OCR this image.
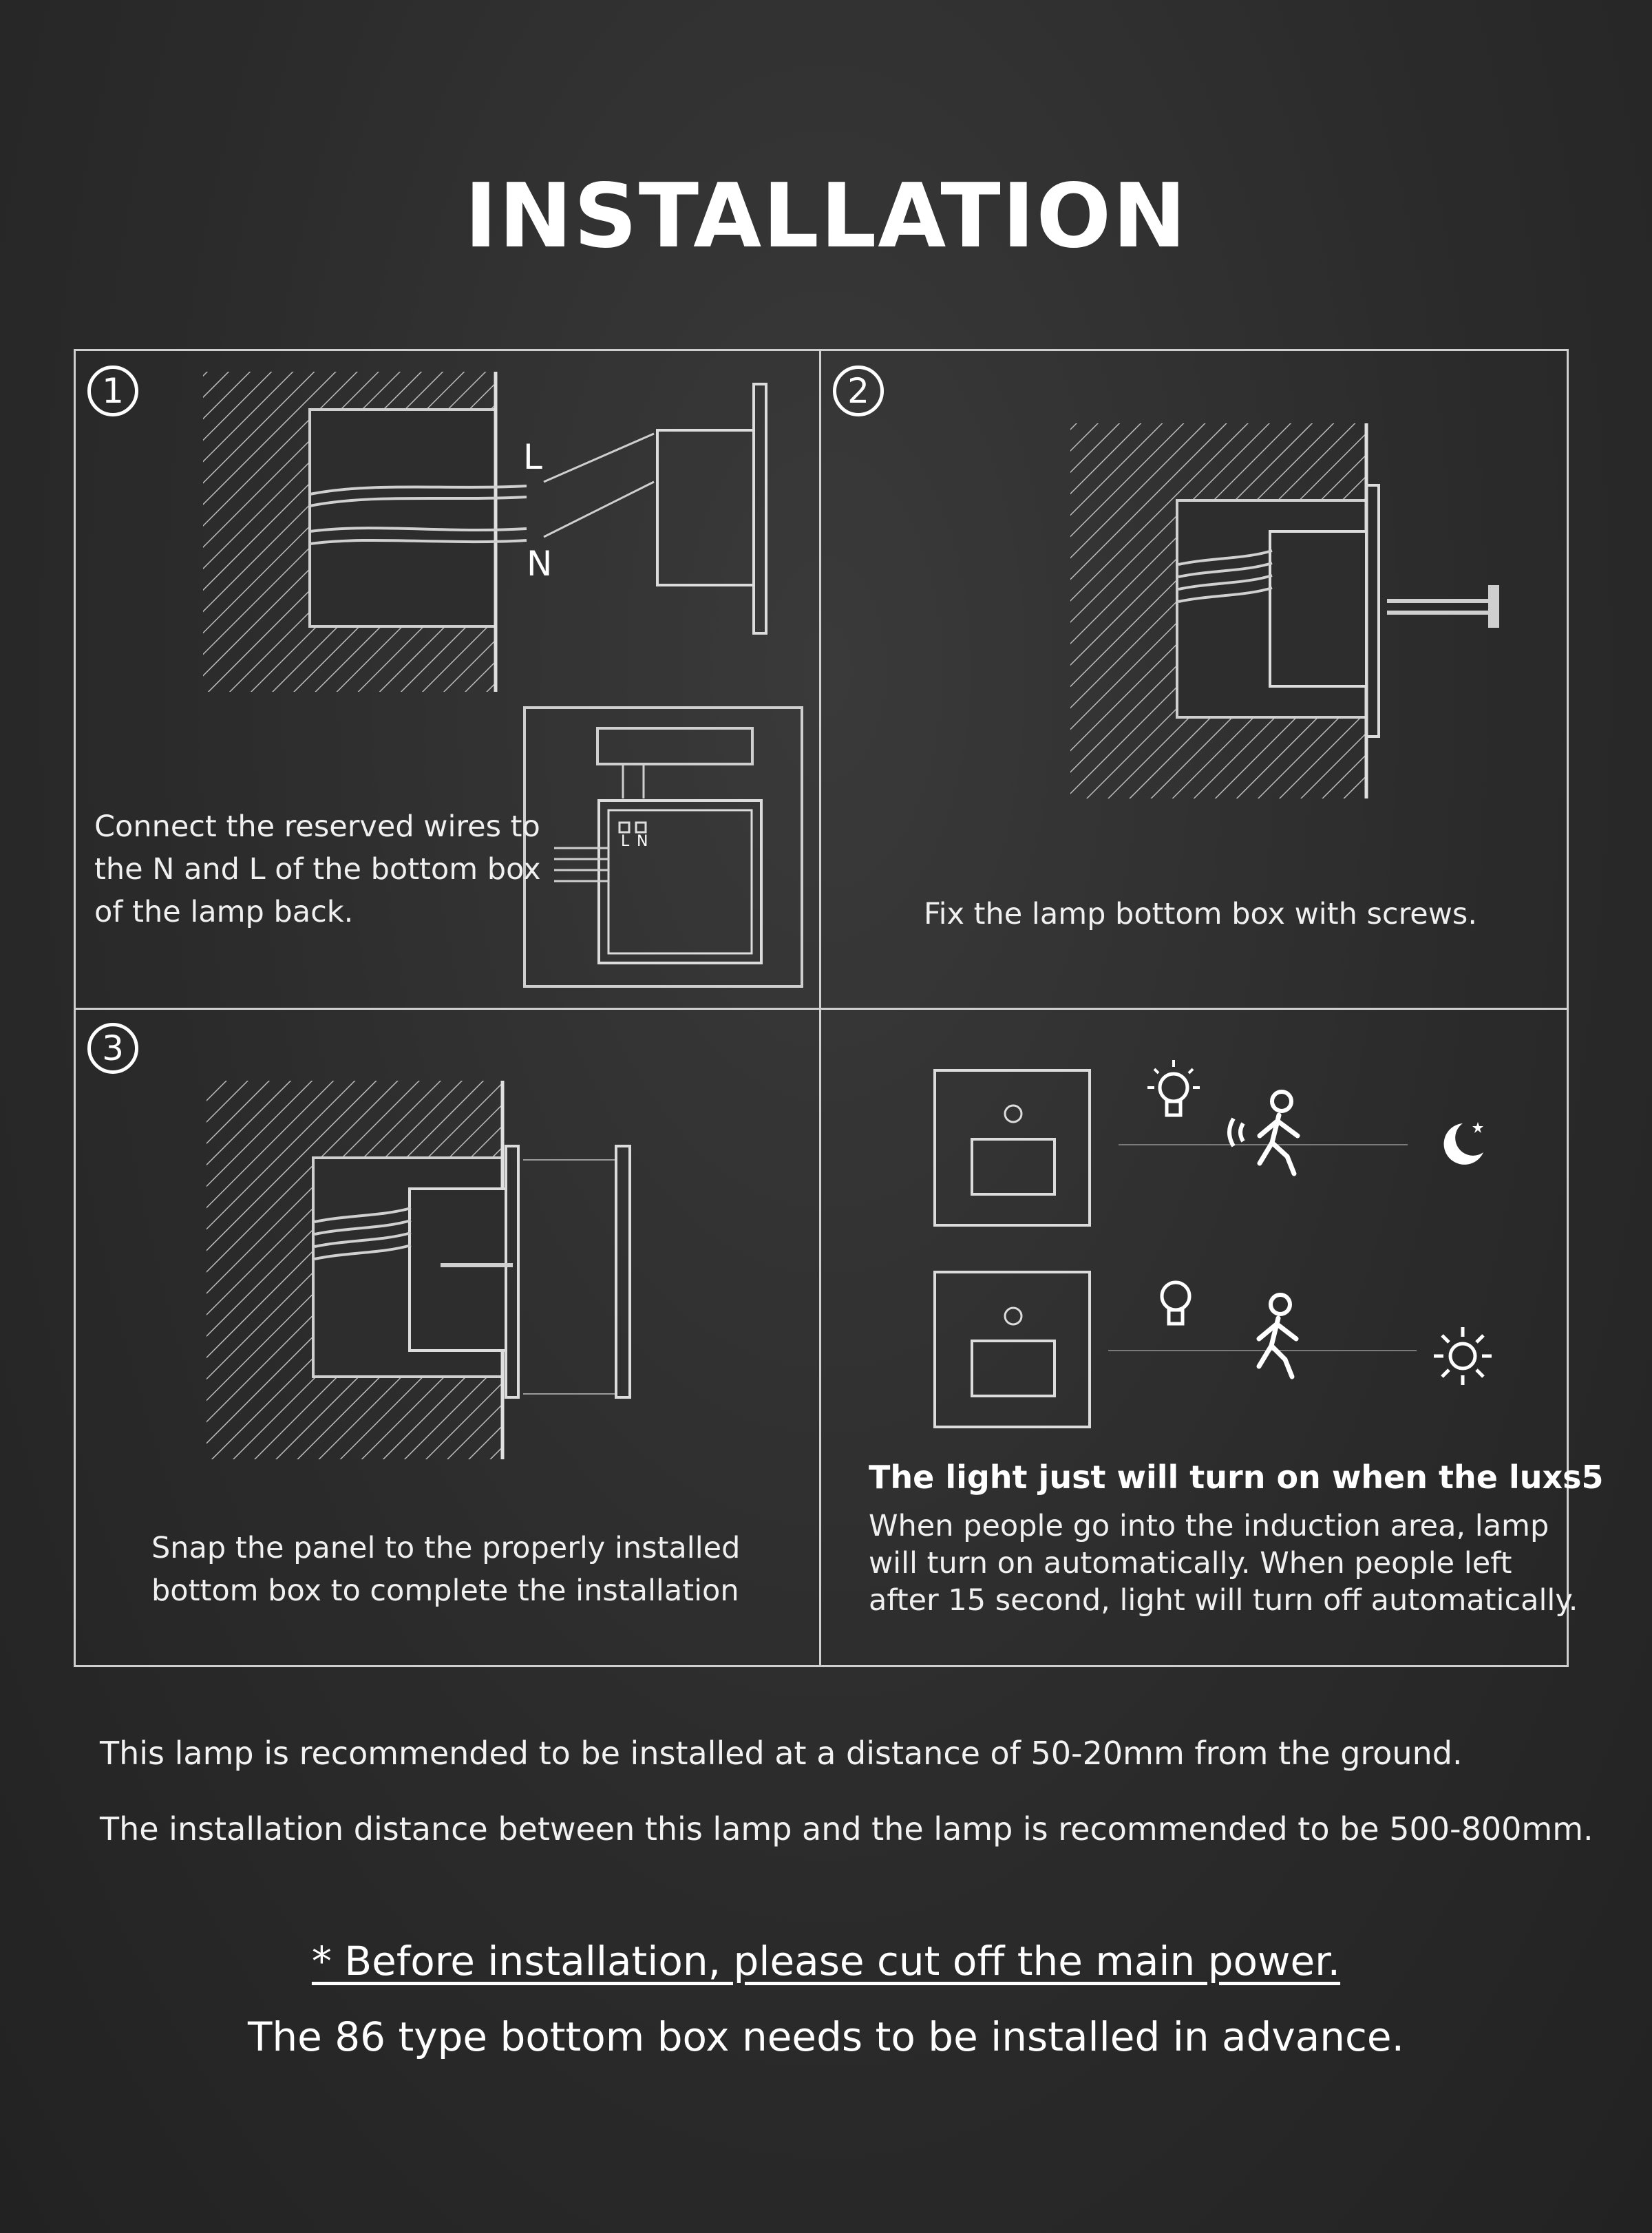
INSTALLATION
1
L
N
L N
Connect the reserved wires to
the N and L of the bottom box
of the lamp back.
2
Fix the lamp bottom box with screws.
3
Snap the panel to the properly installed
bottom box to complete the installation
The light just will turn on when the luxs5
When people go into the induction area, lamp
will turn on automatically. When people left
after 15 second, light will turn off automatically.
This lamp is recommended to be installed at a distance of 50-20mm from the ground.
The installation distance between this lamp and the lamp is recommended to be 500-800mm.
* Before installation, please cut off the main power.
The 86 type bottom box needs to be installed in advance.
